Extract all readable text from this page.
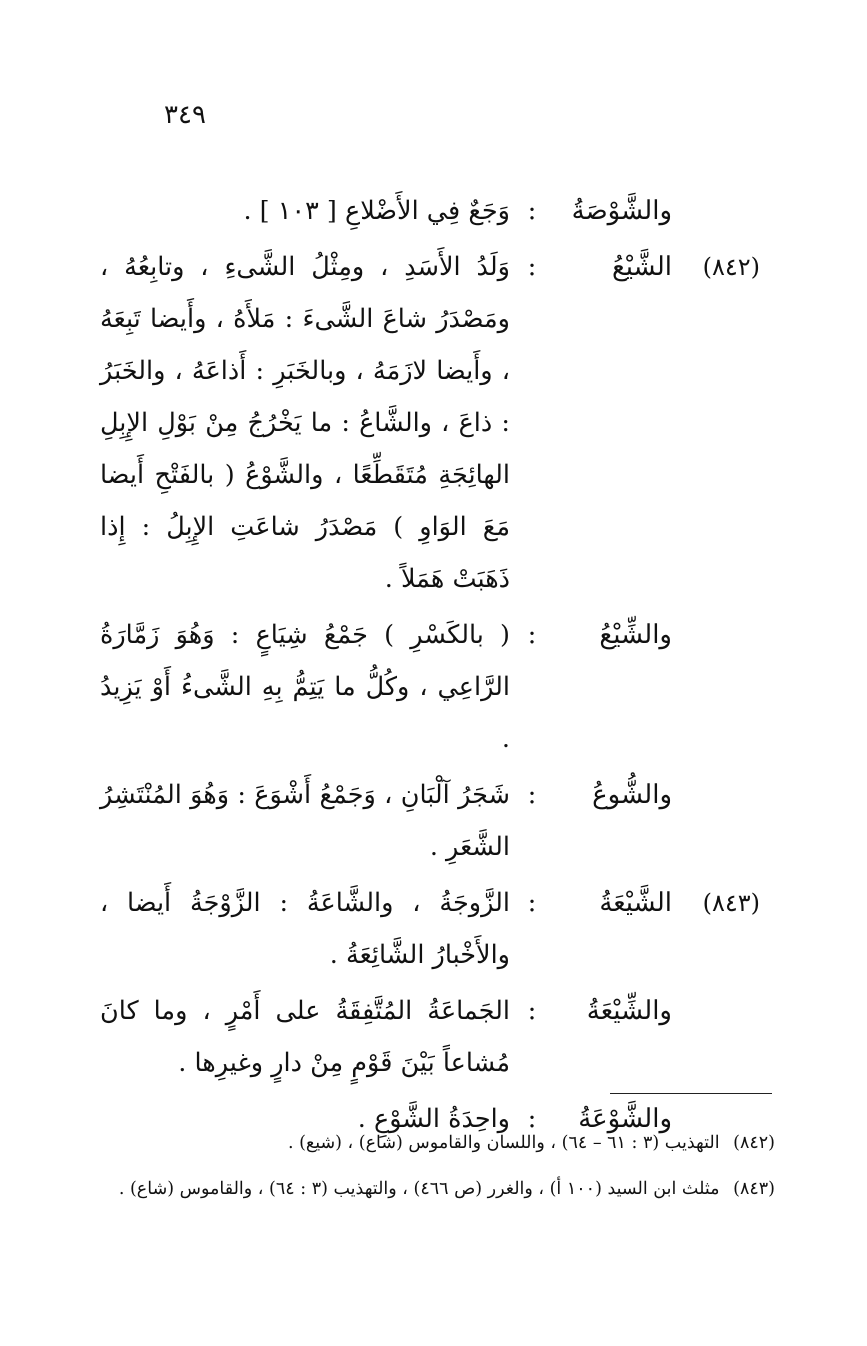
٣٤٩
والشَّوْصَةُ
:
وَجَعٌ فِي الأَضْلاعِ [ ١٠٣ ] .
(٨٤٢)
الشَّيْعُ
:
وَلَدُ الأَسَدِ ، ومِثْلُ الشَّىءِ ، وتابِعُهُ ، ومَصْدَرُ شاعَ الشَّىءَ : مَلأَهُ ، وأَيضا تَبِعَهُ ، وأَيضا لازَمَهُ ، وبالخَبَرِ : أَذاعَهُ ، والخَبَرُ : ذاعَ ، والشَّاعُ : ما يَخْرُجُ مِنْ بَوْلِ الإِبِلِ الهائِجَةِ مُتَقَطِّعًا ، والشَّوْعُ ( بالفَتْحِ أَيضا مَعَ الوَاوِ ) مَصْدَرُ شاعَتِ الإِبِلُ : إِذا ذَهَبَتْ هَمَلاً .
والشِّيْعُ
:
( بالكَسْرِ ) جَمْعُ شِيَاعٍ : وَهُوَ زَمَّارَةُ الرَّاعِي ، وكُلُّ ما يَتِمُّ بِهِ الشَّىءُ أَوْ يَزِيدُ .
والشُّوعُ
:
شَجَرُ آلْبَانِ ، وَجَمْعُ أَشْوَعَ : وَهُوَ المُنْتَشِرُ الشَّعَرِ .
(٨٤٣)
الشَّيْعَةُ
:
الزَّوجَةُ ، والشَّاعَةُ : الزَّوْجَةُ أَيضا ، والأَخْبارُ الشَّائِعَةُ .
والشِّيْعَةُ
:
الجَماعَةُ المُتَّفِقَةُ على أَمْرٍ ، وما كانَ مُشاعاً بَيْنَ قَوْمٍ مِنْ دارٍ وغيرِها .
والشَّوْعَةُ
:
واحِدَةُ الشَّوْعِ .
(٨٤٢) التهذيب (٣ : ٦١ – ٦٤) ، واللسان والقاموس (شاع) ، (شيع) .
(٨٤٣) مثلث ابن السيد (١٠٠ أ) ، والغرر (ص ٤٦٦) ، والتهذيب (٣ : ٦٤) ، والقاموس (شاع) .
